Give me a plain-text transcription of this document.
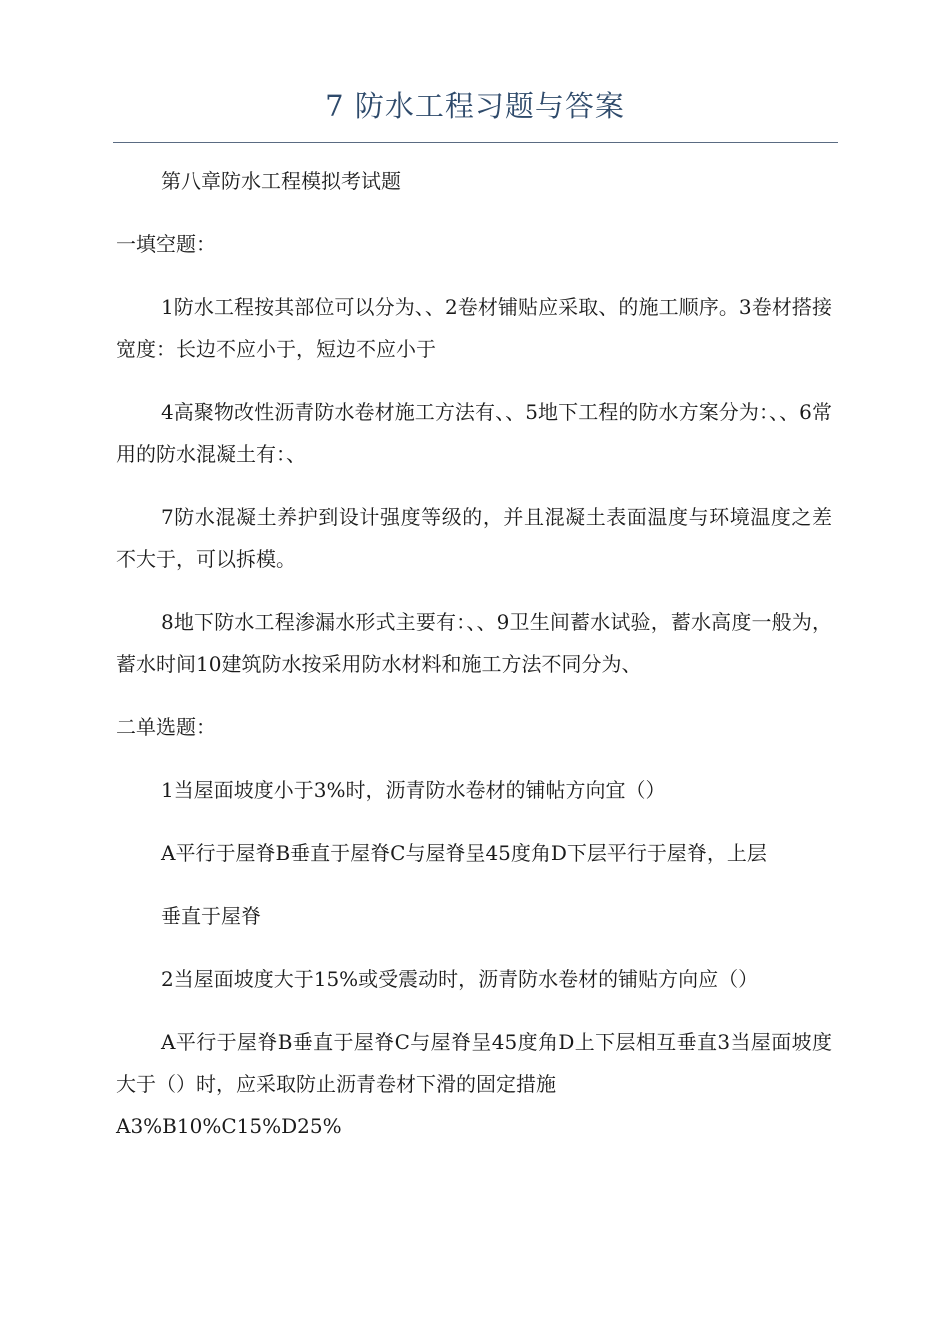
7 防水工程习题与答案

第八章防水工程模拟考试题

一填空题：

1防水工程按其部位可以分为、、2卷材铺贴应采取、的施工顺序。3卷材搭接宽度：长边不应小于，短边不应小于

4高聚物改性沥青防水卷材施工方法有、、5地下工程的防水方案分为：、、6常用的防水混凝土有：、

7防水混凝土养护到设计强度等级的，并且混凝土表面温度与环境温度之差不大于，可以拆模。

8地下防水工程渗漏水形式主要有：、、9卫生间蓄水试验，蓄水高度一般为，蓄水时间10建筑防水按采用防水材料和施工方法不同分为、

二单选题：

1当屋面坡度小于3%时，沥青防水卷材的铺帖方向宜（）

A平行于屋脊B垂直于屋脊C与屋脊呈45度角D下层平行于屋脊，上层

垂直于屋脊

2当屋面坡度大于15%或受震动时，沥青防水卷材的铺贴方向应（）

A平行于屋脊B垂直于屋脊C与屋脊呈45度角D上下层相互垂直3当屋面坡度大于（）时，应采取防止沥青卷材下滑的固定措施

A3%B10%C15%D25%
